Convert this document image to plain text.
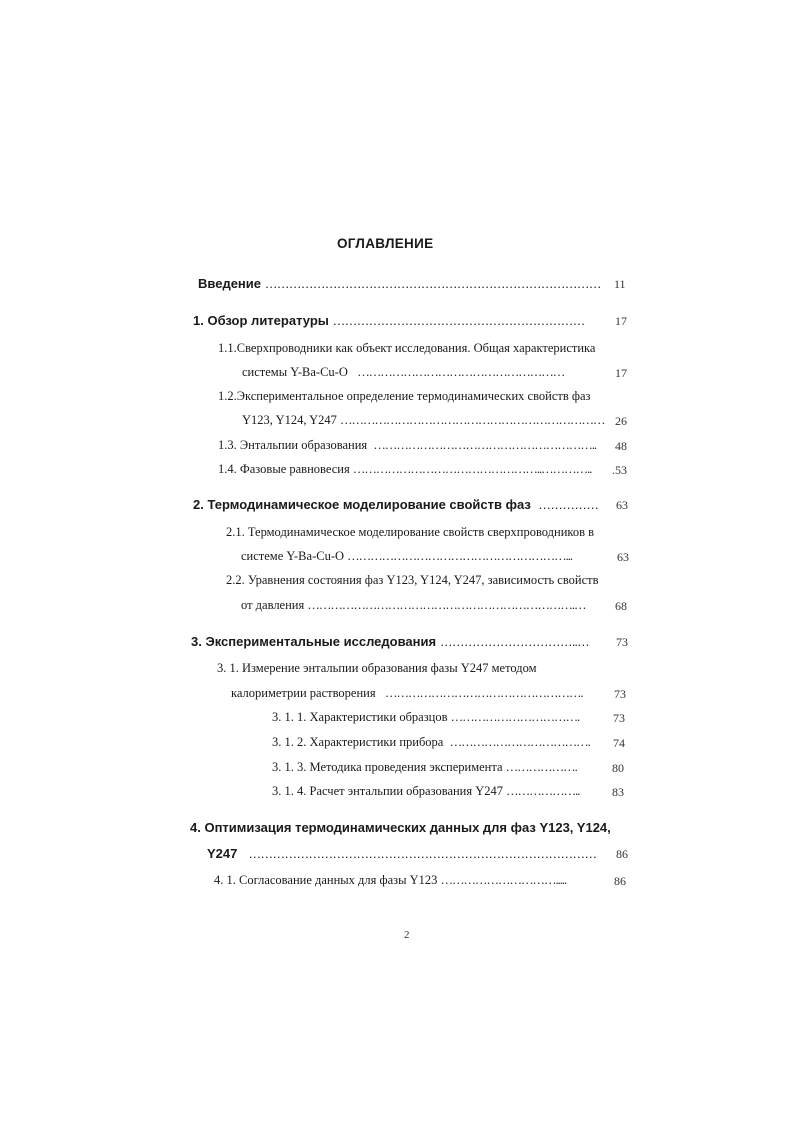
ОГЛАВЛЕНИЕ
Введение ………………………………………………………………………… 11
1. Обзор литературы ………………………………………………………	17
1.1.Сверхпроводники как объект исследования. Общая характеристика
системы Y-Ba-Cu-O ………………………………………………	17
1.2.Экспериментальное определение термодинамических свойств фаз
Y123, Y124, Y247 …………………………………………………………… 26
1.3. Энтальпии образования ………………………………………………….. 48
1.4. Фазовые равновесия …………………………………………..………….. .53
2. Термодинамическое моделирование свойств фаз …………… 63
2.1. Термодинамическое моделирование свойств сверхпроводников в
системе Y-Ba-Cu-O …………………………………………………...	63
2.2. Уравнения состояния фаз Y123, Y124, Y247, зависимость свойств
от давления …………………………………………………………….… 68
3. Экспериментальные исследования ……………………………..… 73
3. 1. Измерение энтальпии образования фазы Y247 методом
калориметрии растворения …………………………………………….	73
3. 1. 1. Характеристики образцов …………………………….	73
3. 1. 2. Характеристики прибора ………………………………. 74
3. 1. 3. Методика проведения эксперимента ……………….	80
3. 1. 4. Расчет энтальпии образования Y247 ………………..	83
4. Оптимизация термодинамических данных для фаз Y123, Y124,
Y247 …………………………………………………………………………… 86
4. 1. Согласование данных для фазы Y123 ………………………….....	86
2
